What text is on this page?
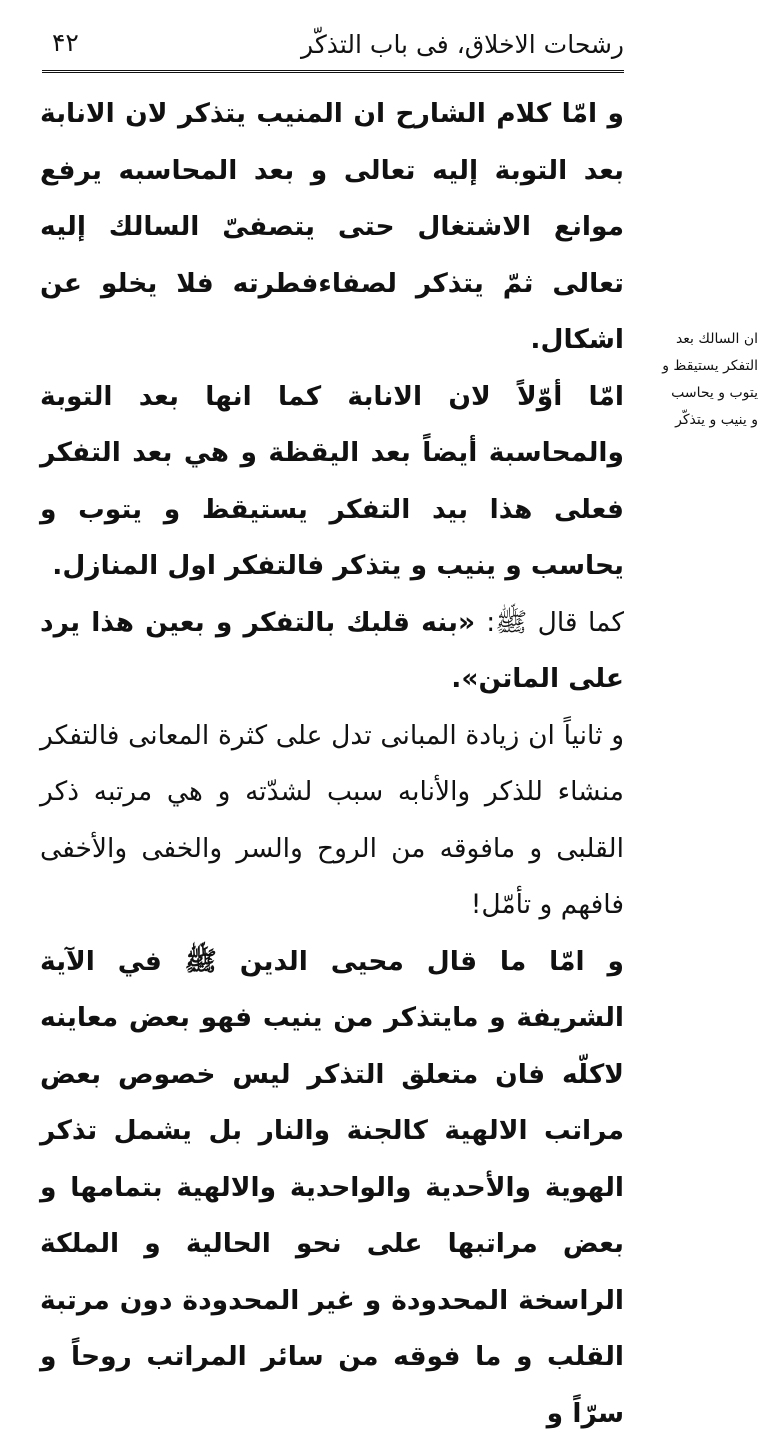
رشحات الاخلاق، فی باب التذکّر
۴۲

و امّا كلام الشارح ان المنيب يتذكر لان الانابة بعد التوبة إليه تعالى و بعد المحاسبه يرفع موانع الاشتغال حتى يتصفىّ السالك إليه تعالى ثمّ يتذكر لصفاءفطرته فلا يخلو عن اشكال.

امّا أوّلاً لان الانابة كما انها بعد التوبة والمحاسبة أيضاً بعد اليقظة و هي بعد التفكر فعلى هذا بيد التفكر يستيقظ و يتوب و يحاسب و ينيب و يتذكر فالتفكر اول المنازل.

كما قال ﷺ: «بنه قلبك بالتفكر و بعين هذا يرد على الماتن».

و ثانياً ان زيادة المبانى تدل على كثرة المعانى فالتفكر منشاء للذكر والأنابه سبب لشدّته و هي مرتبه ذكر القلبى و مافوقه من الروح والسر والخفى والأخفى فافهم و تأمّل!

و امّا ما قال محيى الدين ﷺ في الآية الشريفة و مايتذكر من ينيب فهو بعض معاينه لاكلّه فان متعلق التذكر ليس خصوص بعض مراتب الالهية كالجنة والنار بل يشمل تذكر الهوية والأحدية والواحدية والالهية بتمامها و بعض مراتبها على نحو الحالية و الملكة الراسخة المحدودة و غير المحدودة دون مرتبة القلب و ما فوقه من سائر المراتب روحاً و سرّاً و

ان السالك بعد
التفكر يستيقظ و
يتوب و يحاسب
و ينيب و يتذكّر
